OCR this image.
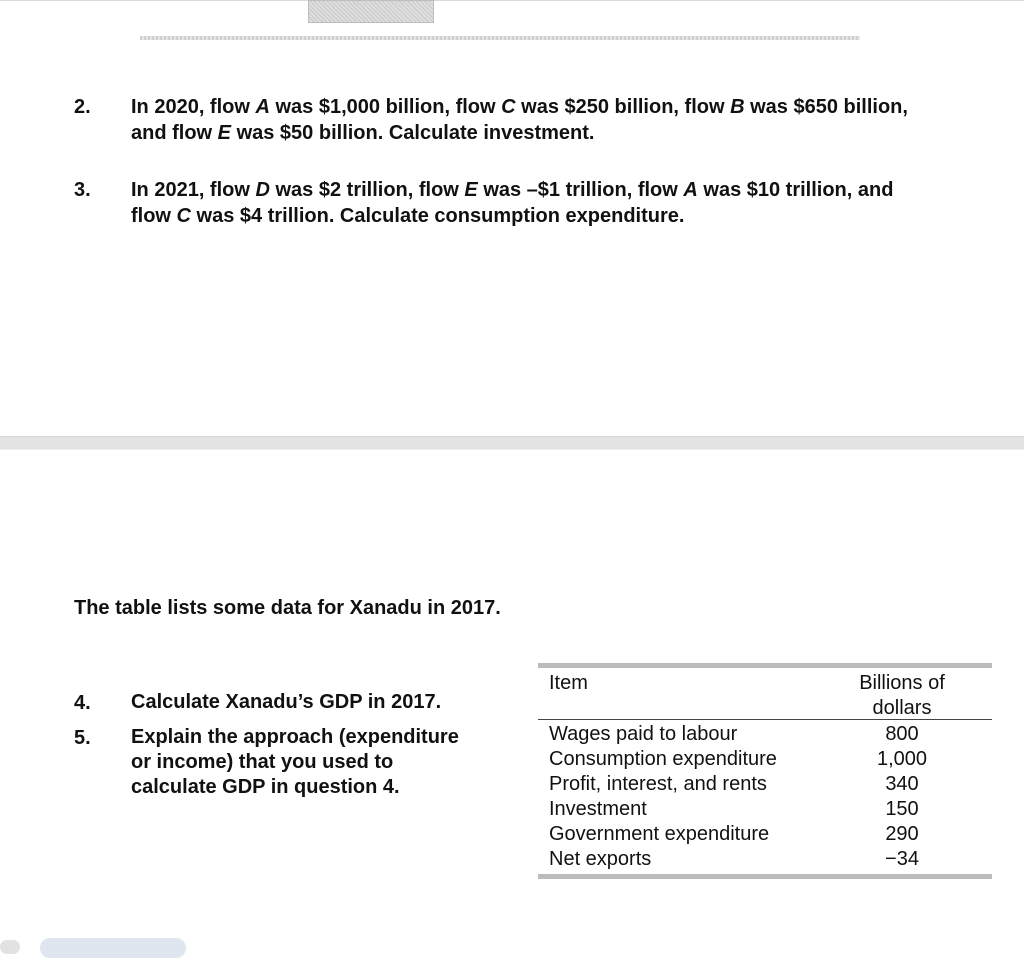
2. In 2020, flow A was $1,000 billion, flow C was $250 billion, flow B was $650 billion,
and flow E was $50 billion. Calculate investment.
3. In 2021, flow D was $2 trillion, flow E was –$1 trillion, flow A was $10 trillion, and
flow C was $4 trillion. Calculate consumption expenditure.
The table lists some data for Xanadu in 2017.
4. Calculate Xanadu’s GDP in 2017.
5. Explain the approach (expenditure
or income) that you used to
calculate GDP in question 4.
Item	Billions of
dollars
Wages paid to labour	800
Consumption expenditure	1,000
Profit, interest, and rents	340
Investment	150
Government expenditure	290
Net exports	−34
